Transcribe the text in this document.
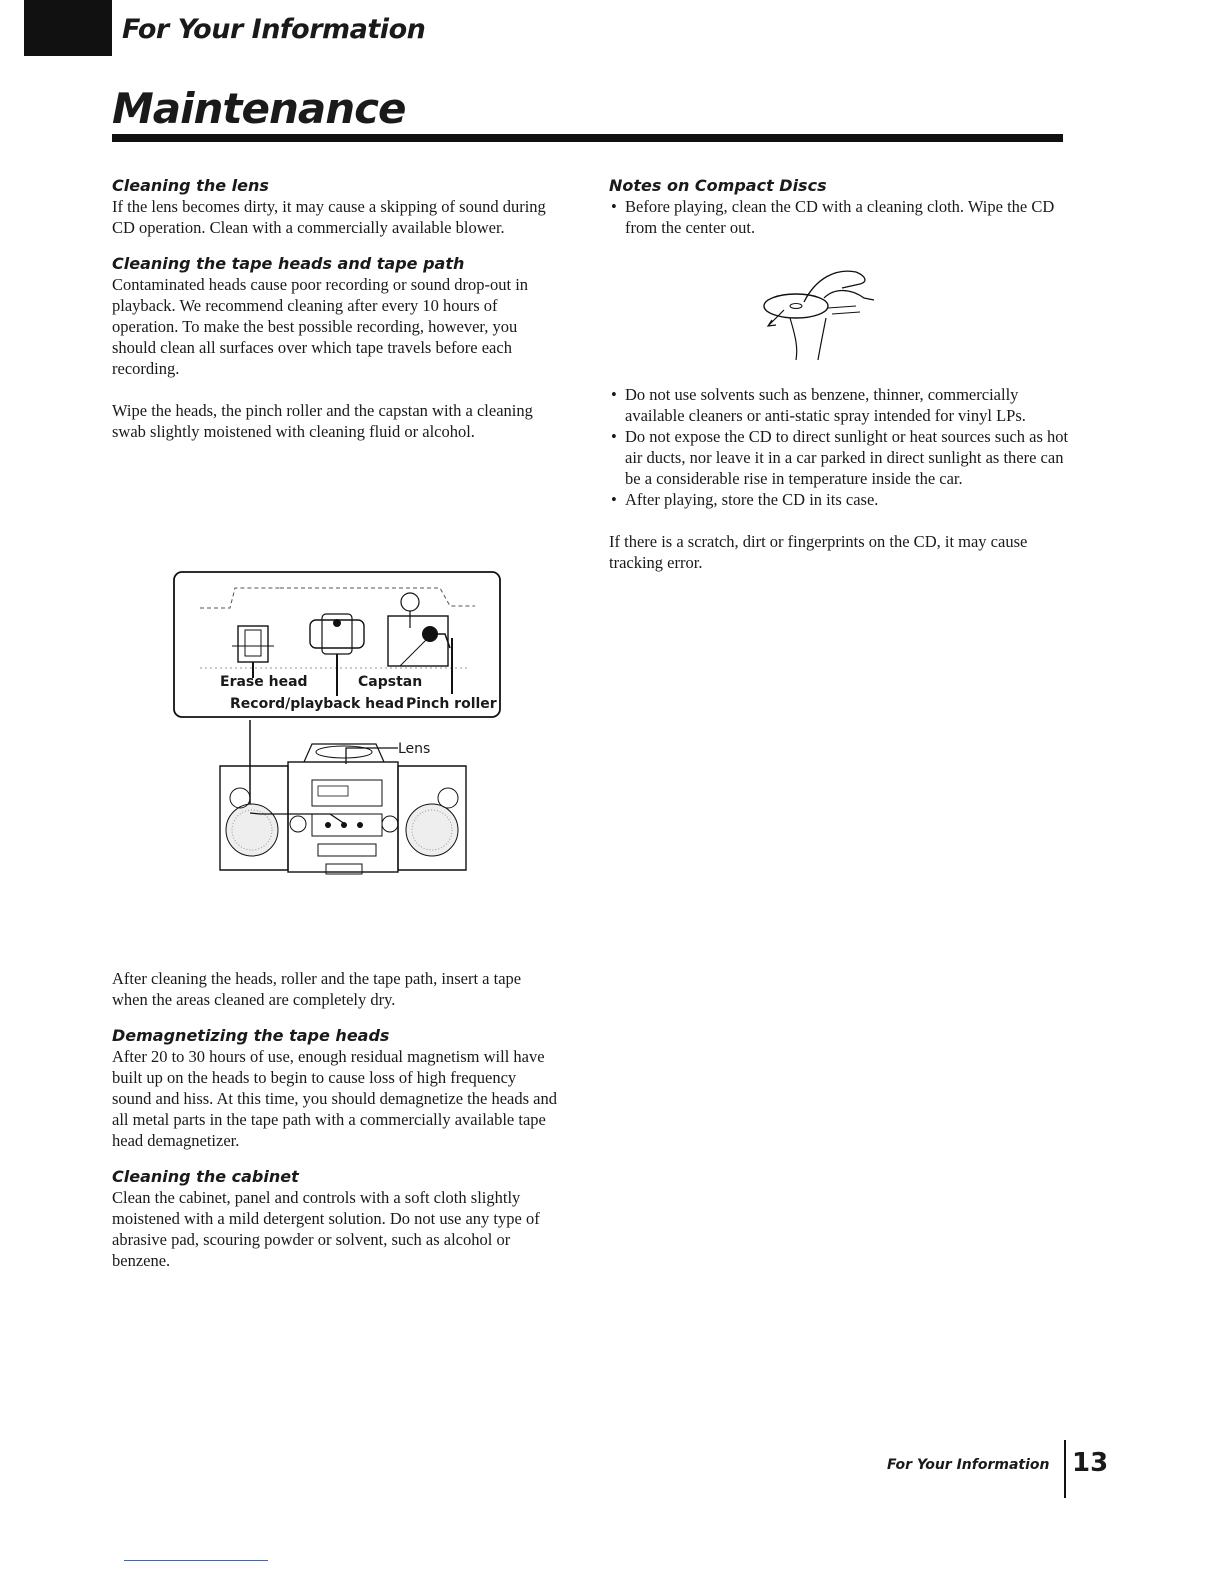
For Your Information
Maintenance

Cleaning the lens

If the lens becomes dirty, it may cause a skipping of sound during CD operation. Clean with a commercially available blower.

Cleaning the tape heads and tape path

Contaminated heads cause poor recording or sound drop-out in playback. We recommend cleaning after every 10 hours of operation. To make the best possible recording, however, you should clean all surfaces over which tape travels before each recording.

Wipe the heads, the pinch roller and the capstan with a cleaning swab slightly moistened with cleaning fluid or alcohol.

Erase head	Capstan
Record/playback head Pinch roller
Lens

After cleaning the heads, roller and the tape path, insert a tape when the areas cleaned are completely dry.

Demagnetizing the tape heads

After 20 to 30 hours of use, enough residual magnetism will have built up on the heads to begin to cause loss of high frequency sound and hiss. At this time, you should demagnetize the heads and all metal parts in the tape path with a commercially available tape head demagnetizer.

Cleaning the cabinet

Clean the cabinet, panel and controls with a soft cloth slightly moistened with a mild detergent solution. Do not use any type of abrasive pad, scouring powder or solvent, such as alcohol or benzene.

Notes on Compact Discs

• Before playing, clean the CD with a cleaning cloth. Wipe the CD from the center out.
• Do not use solvents such as benzene, thinner, commercially available cleaners or anti-static spray intended for vinyl LPs.
• Do not expose the CD to direct sunlight or heat sources such as hot air ducts, nor leave it in a car parked in direct sunlight as there can be a considerable rise in temperature inside the car.
• After playing, store the CD in its case.

If there is a scratch, dirt or fingerprints on the CD, it may cause tracking error.

For Your Information 13
